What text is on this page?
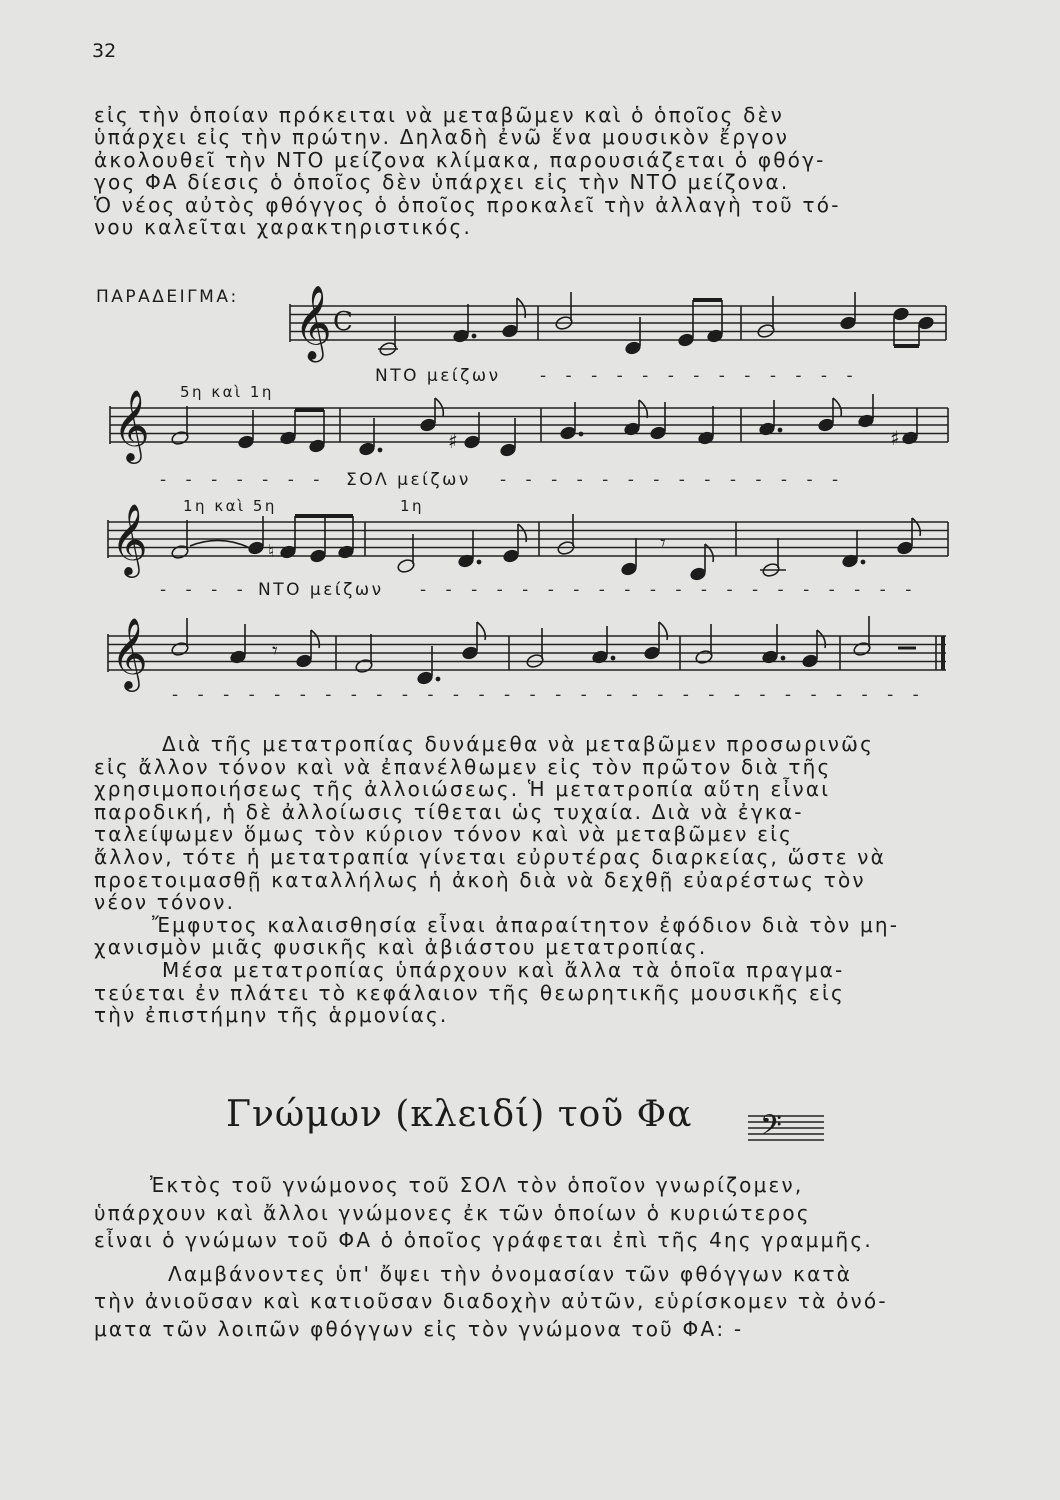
32
εἰς τὴν ὁποίαν πρόκειται νὰ μεταβῶμεν καὶ ὁ ὁποῖος δὲν
ὑπάρχει εἰς τὴν πρώτην. Δηλαδὴ ἐνῶ ἕνα μουσικὸν ἔργον
ἀκολουθεῖ τὴν ΝΤΟ μείζονα κλίμακα, παρουσιάζεται ὁ φθόγ-
γος ΦΑ δίεσις ὁ ὁποῖος δὲν ὑπάρχει εἰς τὴν ΝΤΟ μείζονα.
Ὁ νέος αὐτὸς φθόγγος ὁ ὁποῖος προκαλεῖ τὴν ἀλλαγὴ τοῦ τό-
νου καλεῖται χαρακτηριστικός.
ΠΑΡΑΔΕΙΓΜΑ: 𝄞 C
ΝΤΟ μείζων - - - - - - - - - - - - -
5η καὶ 1η
𝄞	♯	♯
- - - - - - - ΣΟΛ μείζων - - - - - - - - - - - - - -
1η καὶ 5η	1η
𝄞	♮	𝄾
- - - - ΝΤΟ μείζων - - - - - - - - - - - - - - - - - - - -
𝄞	𝄾
- - - - - - - - - - - - - - - - - - - - - - - - - - - - - -
Διὰ τῆς μετατροπίας δυνάμεθα νὰ μεταβῶμεν προσωρινῶς
εἰς ἄλλον τόνον καὶ νὰ ἐπανέλθωμεν εἰς τὸν πρῶτον διὰ τῆς
χρησιμοποιήσεως τῆς ἀλλοιώσεως. Ἡ μετατροπία αὕτη εἶναι
παροδική, ἡ δὲ ἀλλοίωσις τίθεται ὡς τυχαία. Διὰ νὰ ἐγκα-
ταλείψωμεν ὅμως τὸν κύριον τόνον καὶ νὰ μεταβῶμεν εἰς
ἄλλον, τότε ἡ μετατραπία γίνεται εὐρυτέρας διαρκείας, ὥστε νὰ
προετοιμασθῇ καταλλήλως ἡ ἀκοὴ διὰ νὰ δεχθῇ εὐαρέστως τὸν
νέον τόνον.
Ἔμφυτος καλαισθησία εἶναι ἀπαραίτητον ἐφόδιον διὰ τὸν μη-
χανισμὸν μιᾶς φυσικῆς καὶ ἀβιάστου μετατροπίας.
Μέσα μετατροπίας ὑπάρχουν καὶ ἄλλα τὰ ὁποῖα πραγμα-
τεύεται ἐν πλάτει τὸ κεφάλαιον τῆς θεωρητικῆς μουσικῆς εἰς
τὴν ἐπιστήμην τῆς ἁρμονίας.
Γνώμων (κλειδί) τοῦ Φα 𝄢
Ἐκτὸς τοῦ γνώμονος τοῦ ΣΟΛ τὸν ὁποῖον γνωρίζομεν,
ὑπάρχουν καὶ ἄλλοι γνώμονες ἐκ τῶν ὁποίων ὁ κυριώτερος
εἶναι ὁ γνώμων τοῦ ΦΑ ὁ ὁποῖος γράφεται ἐπὶ τῆς 4ης γραμμῆς.
Λαμβάνοντες ὑπ' ὄψει τὴν ὀνομασίαν τῶν φθόγγων κατὰ
τὴν ἀνιοῦσαν καὶ κατιοῦσαν διαδοχὴν αὐτῶν, εὑρίσκομεν τὰ ὀνό-
ματα τῶν λοιπῶν φθόγγων εἰς τὸν γνώμονα τοῦ ΦΑ: -
